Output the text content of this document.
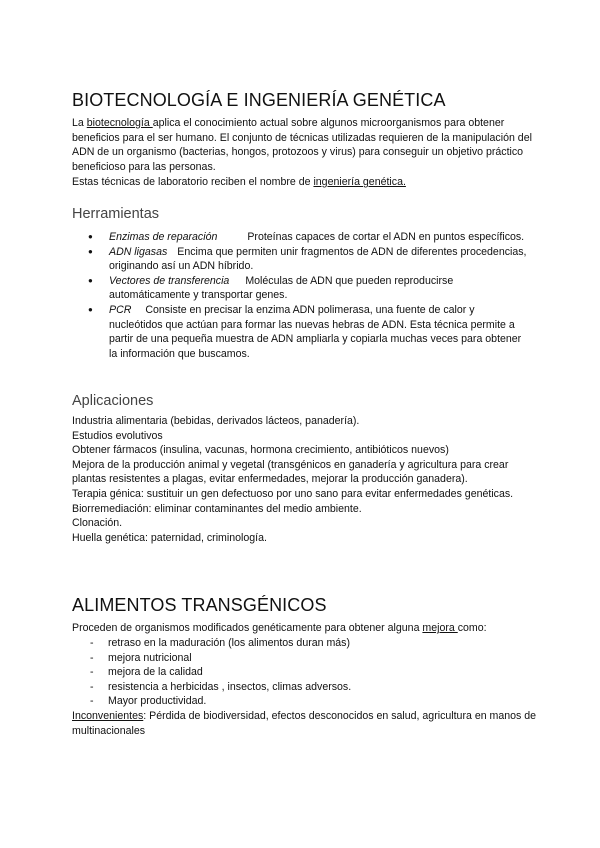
BIOTECNOLOGÍA E INGENIERÍA GENÉTICA

La biotecnología aplica el conocimiento actual sobre algunos microorganismos para obtener beneficios para el ser humano. El conjunto de técnicas utilizadas requieren de la manipulación del ADN de un organismo (bacterias, hongos, protozoos y virus) para conseguir un objetivo práctico beneficioso para las personas.

Estas técnicas de laboratorio reciben el nombre de ingeniería genética.

Herramientas
● Enzimas de reparación	Proteínas capaces de cortar el ADN en puntos específicos.
● ADN ligasas Encima que permiten unir fragmentos de ADN de diferentes procedencias, originando así un ADN híbrido.
● Vectores de transferencia Moléculas de ADN que pueden reproducirse automáticamente y transportar genes.
● PCR Consiste en precisar la enzima ADN polimerasa, una fuente de calor y nucleótidos que actúan para formar las nuevas hebras de ADN. Esta técnica permite a partir de una pequeña muestra de ADN ampliarla y copiarla muchas veces para obtener la información que buscamos.
Aplicaciones
Industria alimentaria (bebidas, derivados lácteos, panadería).
Estudios evolutivos
Obtener fármacos (insulina, vacunas, hormona crecimiento, antibióticos nuevos)
Mejora de la producción animal y vegetal (transgénicos en ganadería y agricultura para crear plantas resistentes a plagas, evitar enfermedades, mejorar la producción ganadera).
Terapia génica: sustituir un gen defectuoso por uno sano para evitar enfermedades genéticas.
Biorremediación: eliminar contaminantes del medio ambiente.
Clonación.
Huella genética: paternidad, criminología.
ALIMENTOS TRANSGÉNICOS

Proceden de organismos modificados genéticamente para obtener alguna mejora como:

- retraso en la maduración (los alimentos duran más)
- mejora nutricional
- mejora de la calidad
- resistencia a herbicidas , insectos, climas adversos.
- Mayor productividad.

Inconvenientes: Pérdida de biodiversidad, efectos desconocidos en salud, agricultura en manos de multinacionales
